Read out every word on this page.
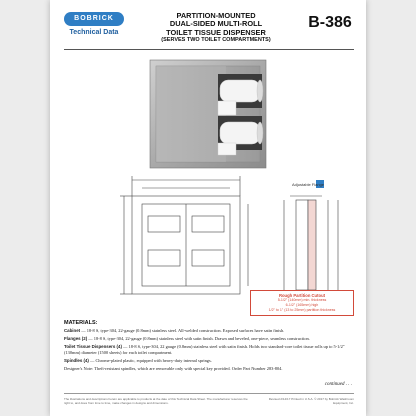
BOBRICK
Technical Data
PARTITION-MOUNTED
DUAL-SIDED MULTI-ROLL
TOILET TISSUE DISPENSER
(SERVES TWO TOILET COMPARTMENTS)
B-386
Adjustable Flange
Rough Partition Cutout
5-1/2" (140mm) min. thickness
6-1/2" (165mm) high
1/2" to 1" (13 to 25mm) partition thickness
MATERIALS:

Cabinet — 18-8 S, type-304, 22-gauge (0.8mm) stainless steel. All-welded construction. Exposed surfaces have satin finish.

Flanges (2) — 18-8 S, type-304, 22-gauge (0.8mm) stainless steel with satin finish. Drawn and beveled, one-piece, seamless construction.

Toilet Tissue Dispensers (4) — 18-8 S, type-304, 22 gauge (0.8mm) stainless steel with satin finish. Holds two standard-core toilet tissue rolls up to 5-1/2" (130mm) diameter (1500 sheets) for each toilet compartment.

Spindles (4) — Chrome-plated plastic, equipped with heavy-duty internal springs.

Designer's Note: Theft-resistant spindles, which are removable only with special key provided. Order Part Number 283-804.

continued . . .
The illustrations and descriptions herein are applicable to products at the date of this Technical Data Sheet. The manufacturer reserves the right to, and does from time to time, make changes in designs and dimensions.
Revised 2/14/17 Printed in U.S.A. © 2017 by Bobrick Washroom Equipment, Inc.
